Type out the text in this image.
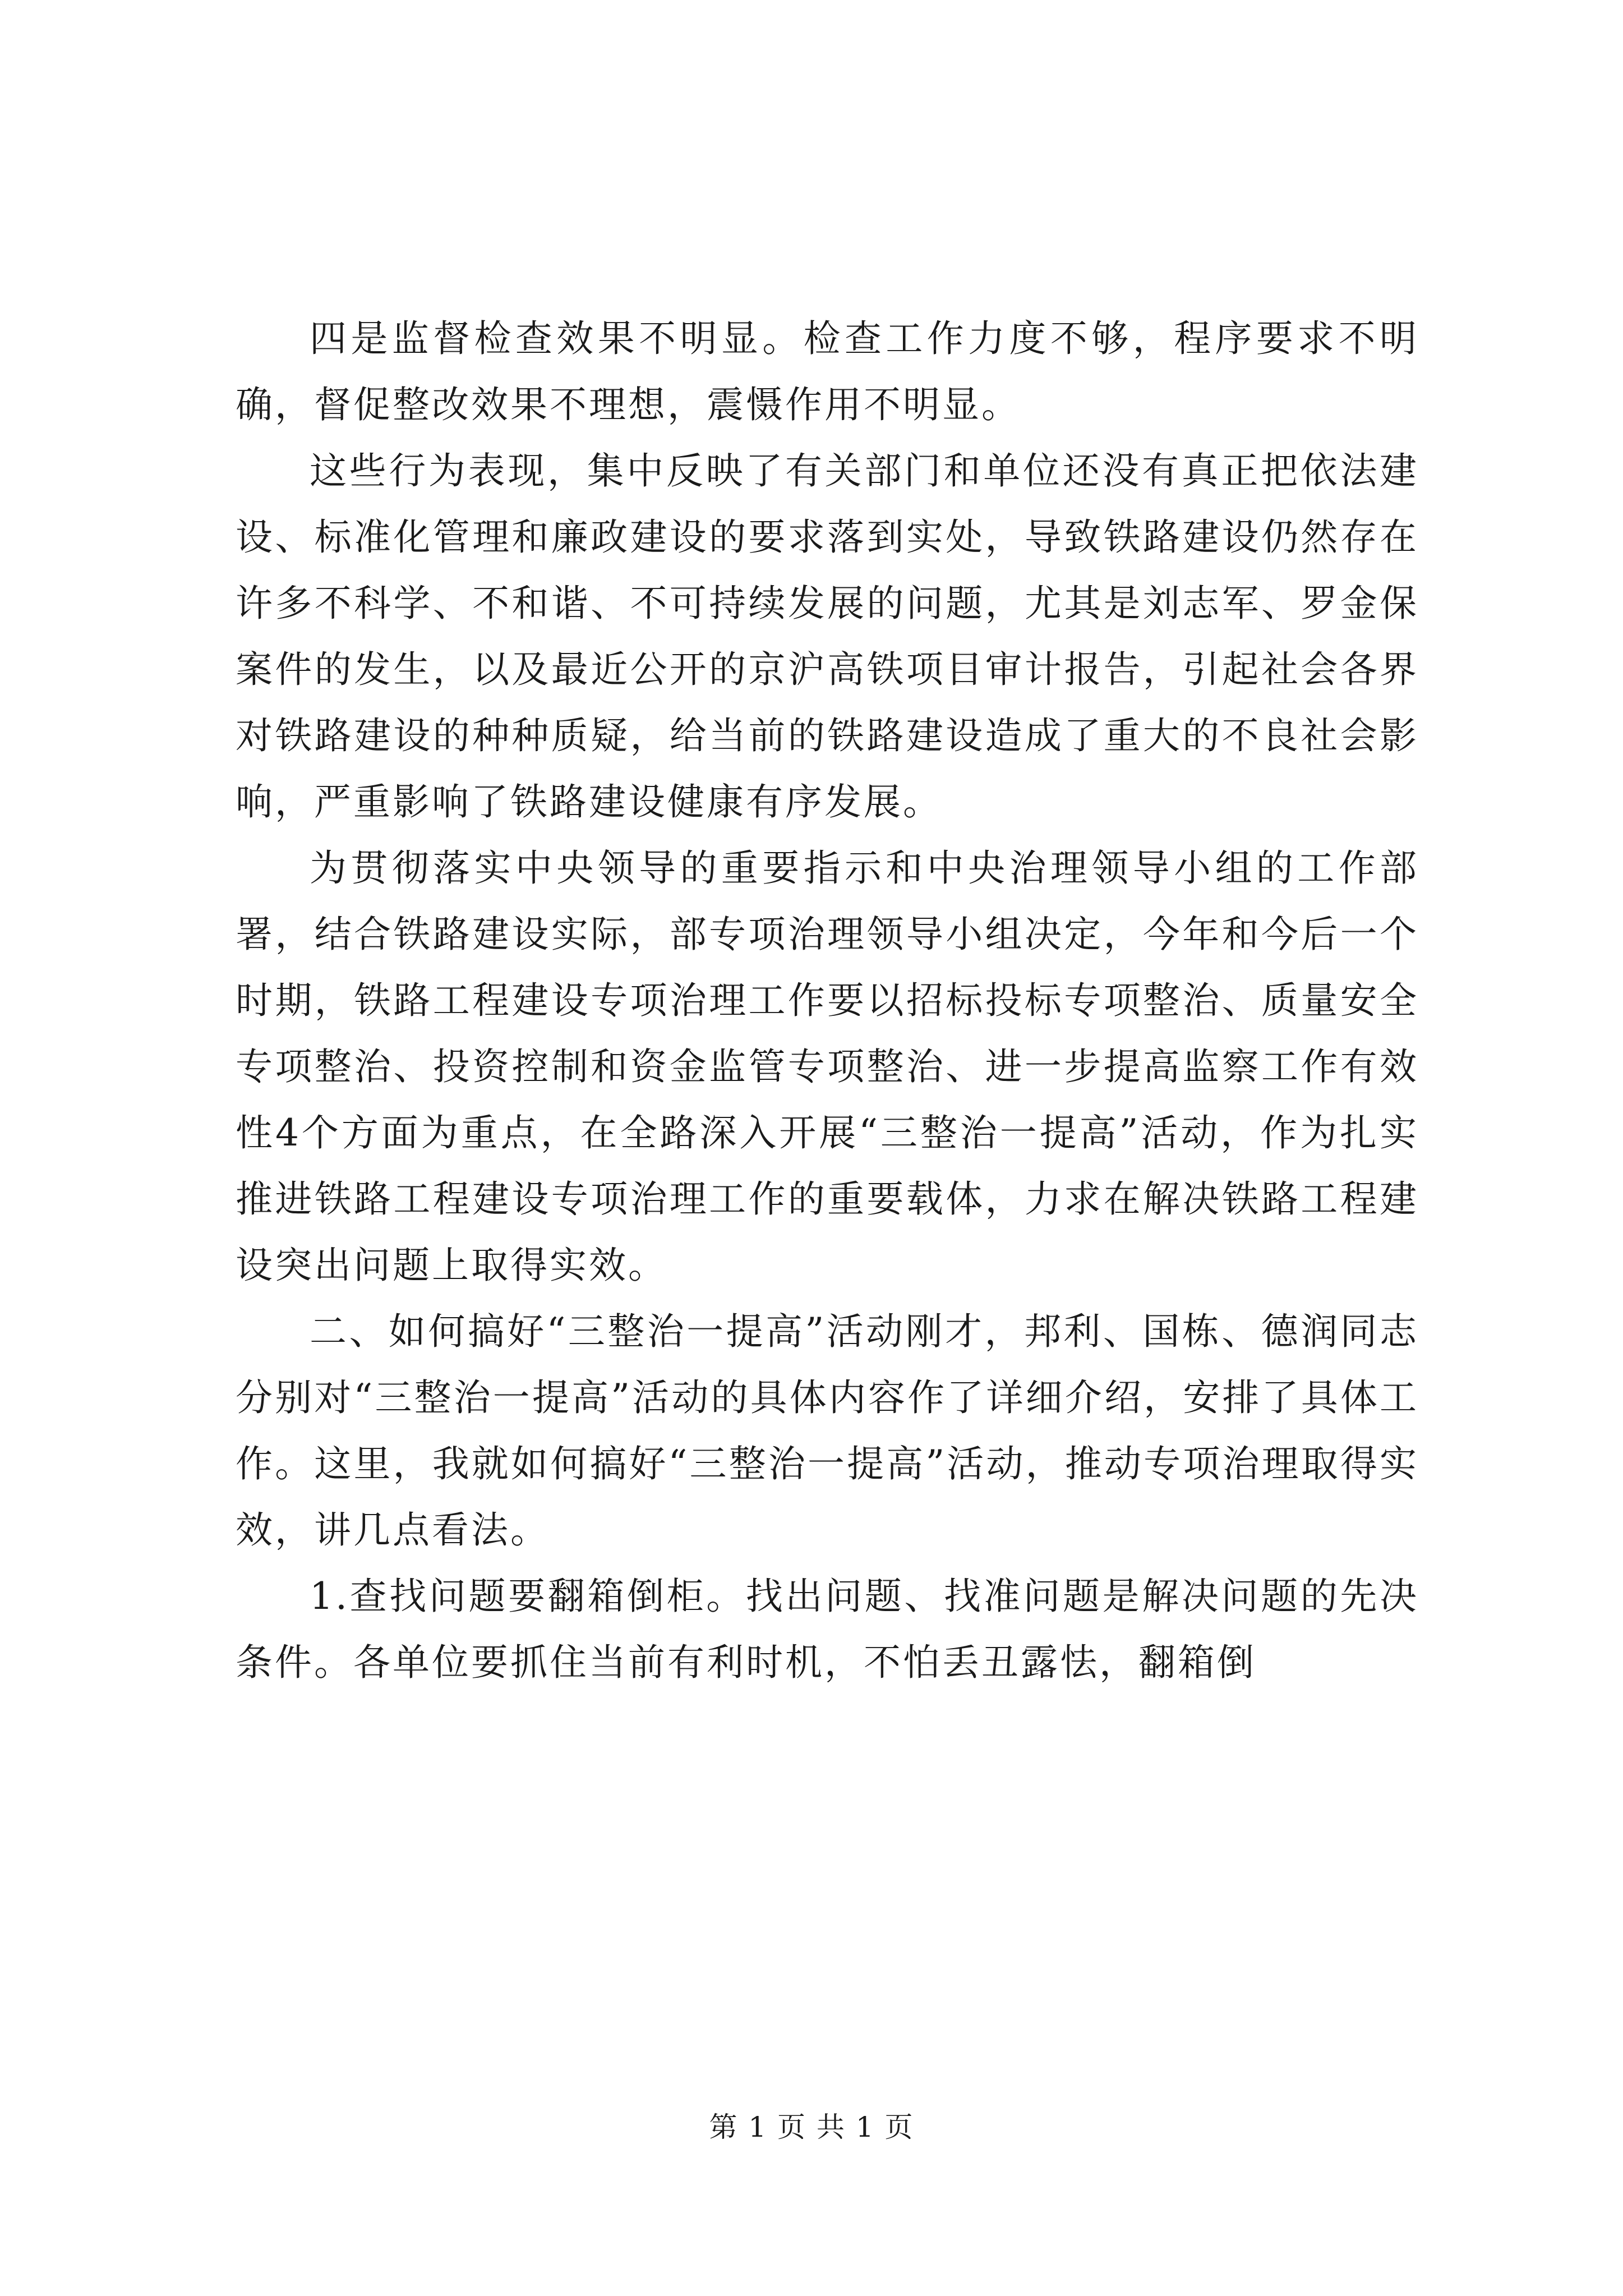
四是监督检查效果不明显。检查工作力度不够，程序要求不明确，督促整改效果不理想，震慑作用不明显。

这些行为表现，集中反映了有关部门和单位还没有真正把依法建设、标准化管理和廉政建设的要求落到实处，导致铁路建设仍然存在许多不科学、不和谐、不可持续发展的问题，尤其是刘志军、罗金保案件的发生，以及最近公开的京沪高铁项目审计报告，引起社会各界对铁路建设的种种质疑，给当前的铁路建设造成了重大的不良社会影响，严重影响了铁路建设健康有序发展。

为贯彻落实中央领导的重要指示和中央治理领导小组的工作部署，结合铁路建设实际，部专项治理领导小组决定，今年和今后一个时期，铁路工程建设专项治理工作要以招标投标专项整治、质量安全专项整治、投资控制和资金监管专项整治、进一步提高监察工作有效性4个方面为重点，在全路深入开展“三整治一提高”活动，作为扎实推进铁路工程建设专项治理工作的重要载体，力求在解决铁路工程建设突出问题上取得实效。

二、如何搞好“三整治一提高”活动刚才，邦利、国栋、德润同志分别对“三整治一提高”活动的具体内容作了详细介绍，安排了具体工作。这里，我就如何搞好“三整治一提高”活动，推动专项治理取得实效，讲几点看法。

1.查找问题要翻箱倒柜。找出问题、找准问题是解决问题的先决条件。各单位要抓住当前有利时机，不怕丢丑露怯，翻箱倒

第 1 页 共 1 页
